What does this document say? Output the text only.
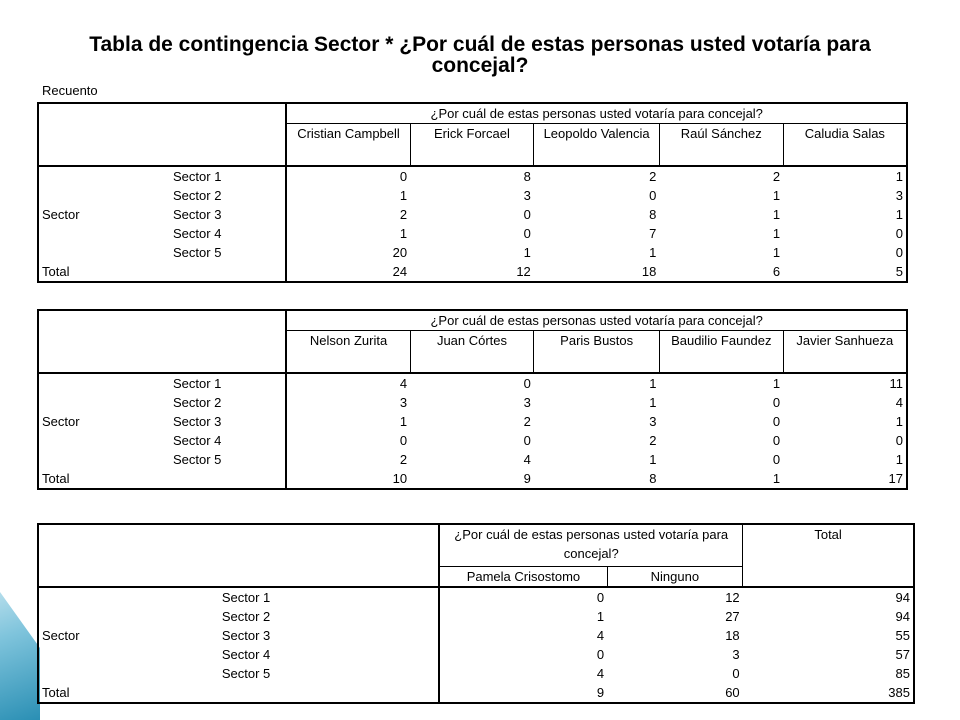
Tabla de contingencia Sector * ¿Por cuál de estas personas usted votaría para concejal?
Recuento
		¿Por cuál de estas personas usted votaría para concejal?				
		Cristian Campbell	Erick Forcael	Leopoldo Valencia	Raúl Sánchez	Caludia Salas
Sector	Sector 1	0	8	2	2	1
	Sector 2	1	3	0	1	3
	Sector 3	2	0	8	1	1
	Sector 4	1	0	7	1	0
	Sector 5	20	1	1	1	0
Total		24	12	18	6	5
		¿Por cuál de estas personas usted votaría para concejal?				
		Nelson Zurita	Juan Córtes	Paris Bustos	Baudilio Faundez	Javier Sanhueza
Sector	Sector 1	4	0	1	1	11
	Sector 2	3	3	1	0	4
	Sector 3	1	2	3	0	1
	Sector 4	0	0	2	0	0
	Sector 5	2	4	1	0	1
Total		10	9	8	1	17
		¿Por cuál de estas personas usted votaría para concejal?		Total
		Pamela Crisostomo	Ninguno	
Sector	Sector 1	0	12	94
	Sector 2	1	27	94
	Sector 3	4	18	55
	Sector 4	0	3	57
	Sector 5	4	0	85
Total		9	60	385
